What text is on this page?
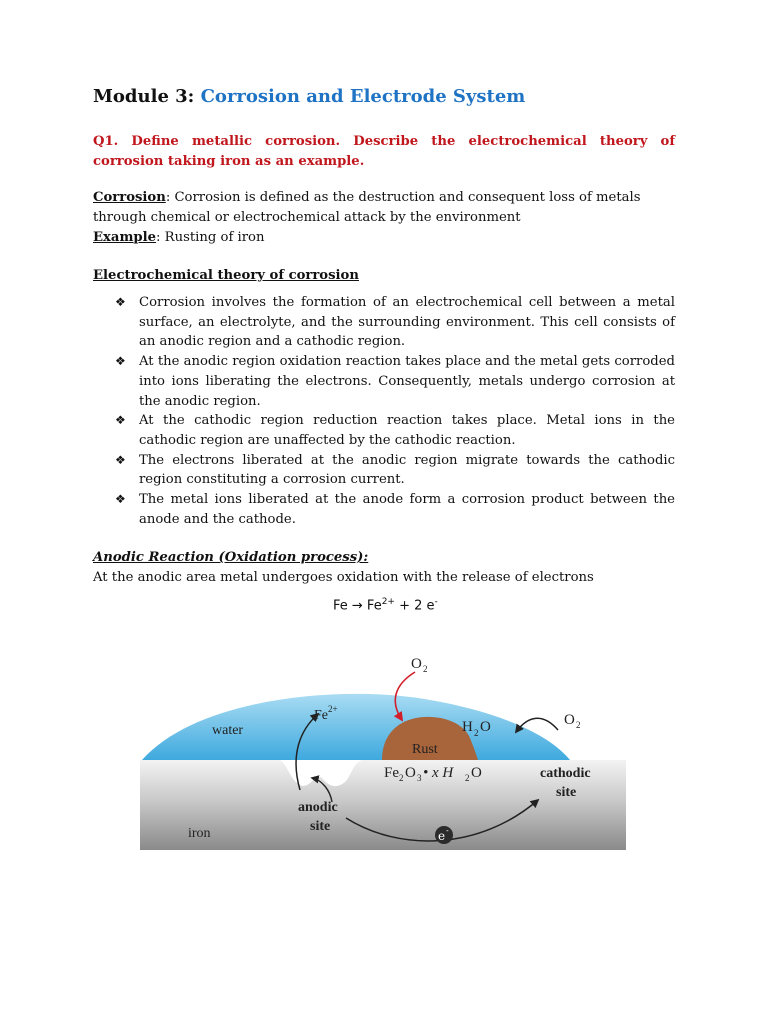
Module 3: Corrosion and Electrode System
Q1. Define metallic corrosion. Describe the electrochemical theory of corrosion taking iron as an example.
Corrosion: Corrosion is defined as the destruction and consequent loss of metals through chemical or electrochemical attack by the environment
Example: Rusting of iron
Electrochemical theory of corrosion
❖ Corrosion involves the formation of an electrochemical cell between a metal surface, an electrolyte, and the surrounding environment. This cell consists of an anodic region and a cathodic region.
❖ At the anodic region oxidation reaction takes place and the metal gets corroded into ions liberating the electrons. Consequently, metals undergo corrosion at the anodic region.
❖ At the cathodic region reduction reaction takes place. Metal ions in the cathodic region are unaffected by the cathodic reaction.
❖ The electrons liberated at the anodic region migrate towards the cathodic region constituting a corrosion current.
❖ The metal ions liberated at the anode form a corrosion product between the anode and the cathode.
Anodic Reaction (Oxidation process):
At the anodic area metal undergoes oxidation with the release of electrons
$Fe \to Fe^{2+} + 2$ e-
e -
O 2
O 2
water
Fe 2+
H 2 O
Rust
Fe 2 O 3 • x H 2 O	cathodic
site
anodic
site
iron
